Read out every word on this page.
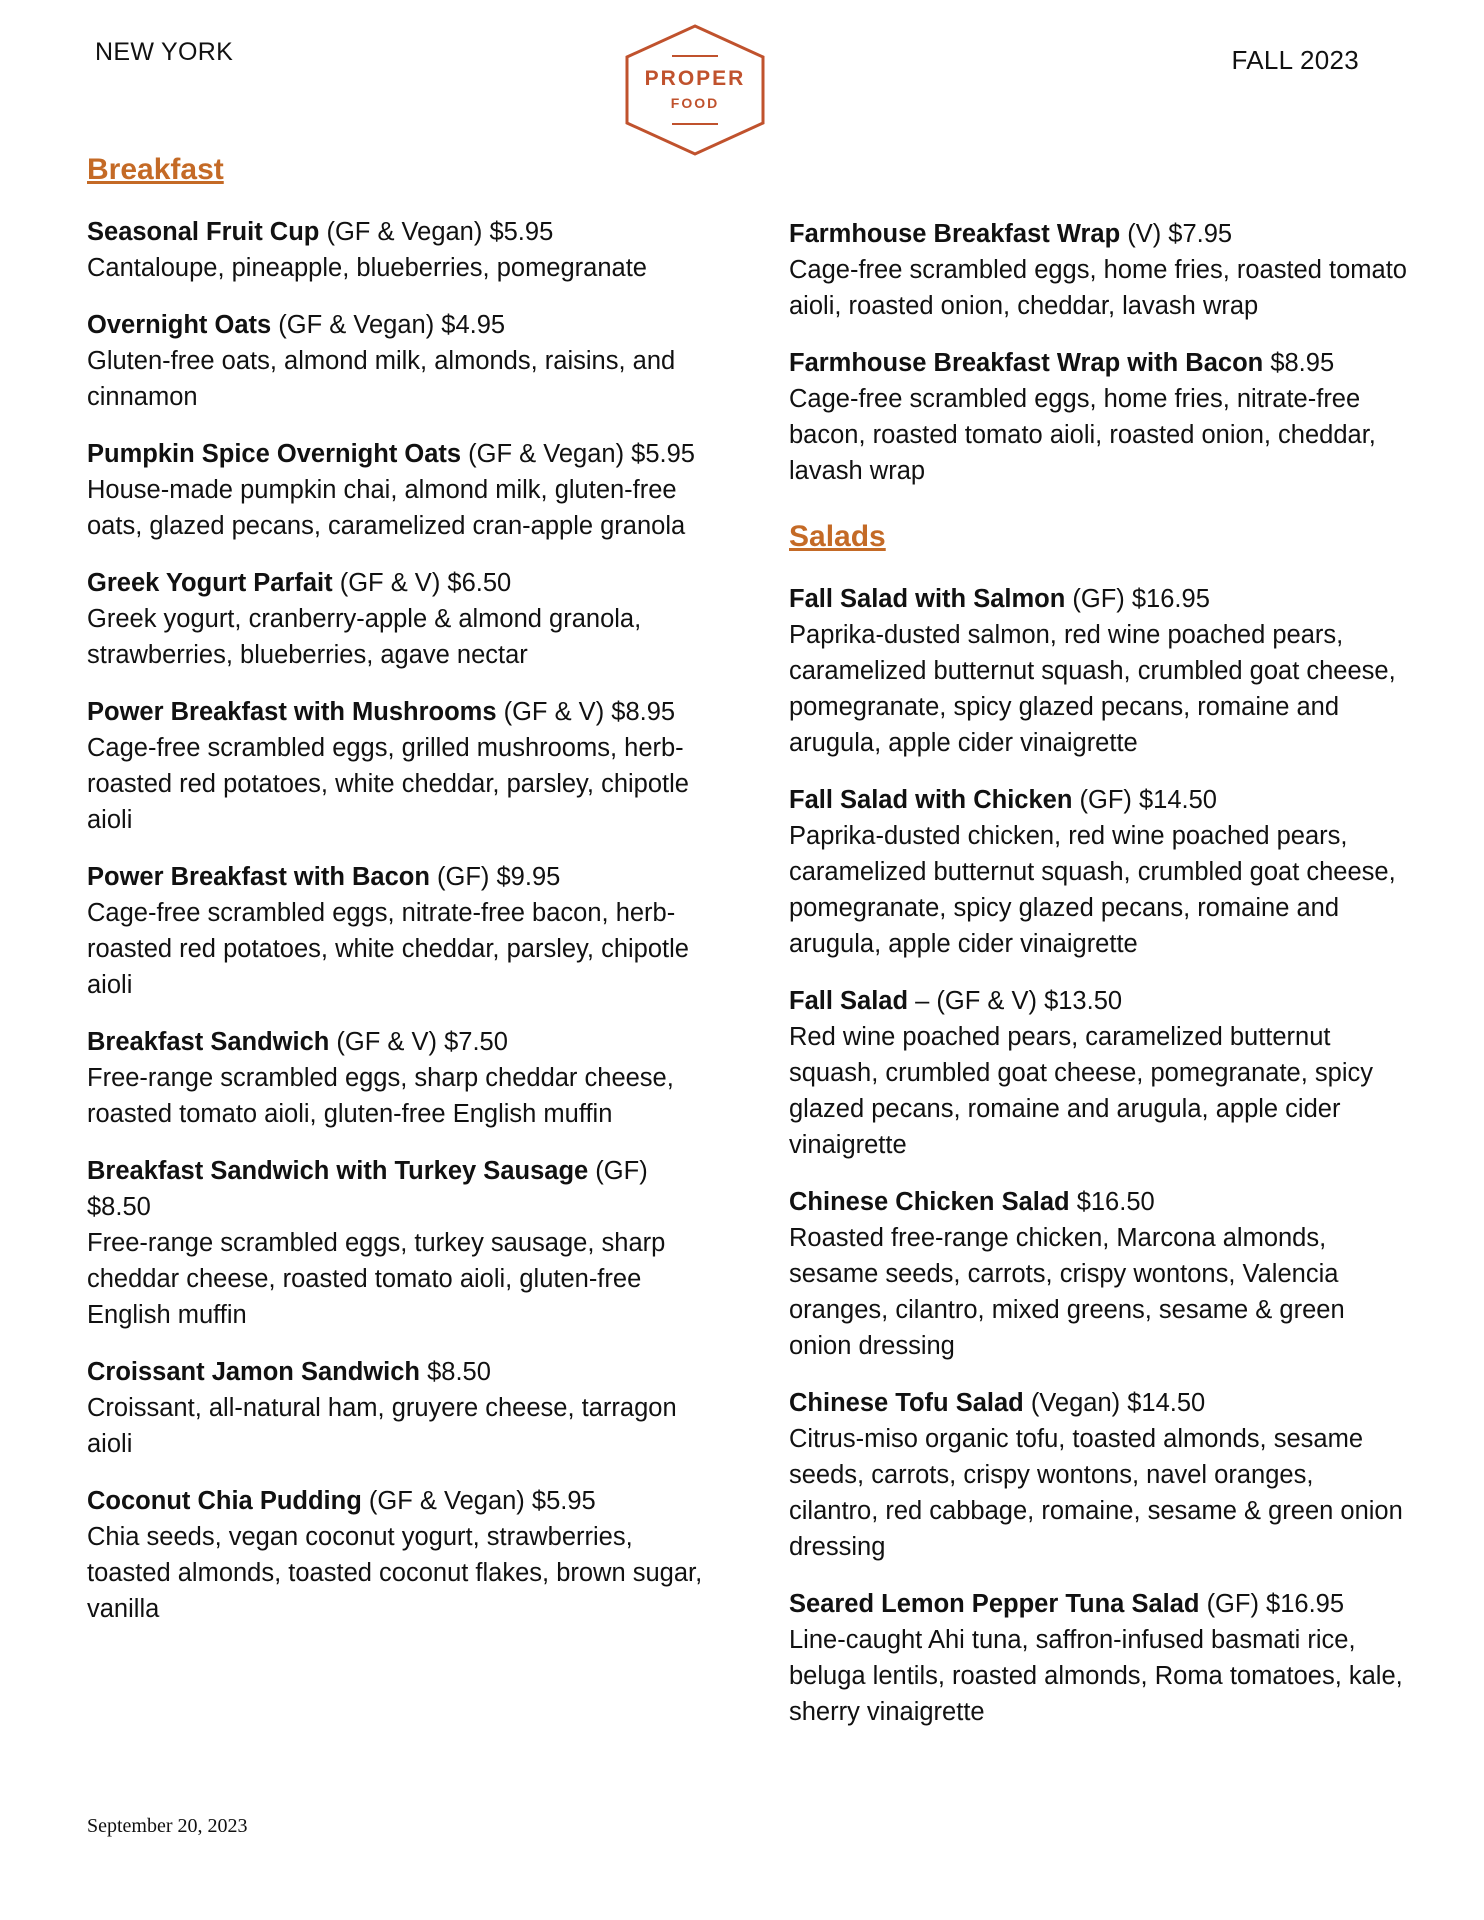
NEW YORK
PROPER
FOOD
FALL 2023
Breakfast
Seasonal Fruit Cup (GF & Vegan) $5.95
Cantaloupe, pineapple, blueberries, pomegranate
Overnight Oats (GF & Vegan) $4.95
Gluten-free oats, almond milk, almonds, raisins, and cinnamon
Pumpkin Spice Overnight Oats (GF & Vegan) $5.95
House-made pumpkin chai, almond milk, gluten-free oats, glazed pecans, caramelized cran-apple granola
Greek Yogurt Parfait (GF & V) $6.50
Greek yogurt, cranberry-apple & almond granola, strawberries, blueberries, agave nectar
Power Breakfast with Mushrooms (GF & V) $8.95
Cage-free scrambled eggs, grilled mushrooms, herb-roasted red potatoes, white cheddar, parsley, chipotle aioli
Power Breakfast with Bacon (GF) $9.95
Cage-free scrambled eggs, nitrate-free bacon, herb-roasted red potatoes, white cheddar, parsley, chipotle aioli
Breakfast Sandwich (GF & V) $7.50
Free-range scrambled eggs, sharp cheddar cheese, roasted tomato aioli, gluten-free English muffin
Breakfast Sandwich with Turkey Sausage (GF) $8.50
Free-range scrambled eggs, turkey sausage, sharp cheddar cheese, roasted tomato aioli, gluten-free English muffin
Croissant Jamon Sandwich $8.50
Croissant, all-natural ham, gruyere cheese, tarragon aioli
Coconut Chia Pudding (GF & Vegan) $5.95
Chia seeds, vegan coconut yogurt, strawberries, toasted almonds, toasted coconut flakes, brown sugar, vanilla
Farmhouse Breakfast Wrap (V) $7.95
Cage-free scrambled eggs, home fries, roasted tomato aioli, roasted onion, cheddar, lavash wrap
Farmhouse Breakfast Wrap with Bacon $8.95
Cage-free scrambled eggs, home fries, nitrate-free bacon, roasted tomato aioli, roasted onion, cheddar, lavash wrap
Salads
Fall Salad with Salmon (GF) $16.95
Paprika-dusted salmon, red wine poached pears, caramelized butternut squash, crumbled goat cheese, pomegranate, spicy glazed pecans, romaine and arugula, apple cider vinaigrette
Fall Salad with Chicken (GF) $14.50
Paprika-dusted chicken, red wine poached pears, caramelized butternut squash, crumbled goat cheese, pomegranate, spicy glazed pecans, romaine and arugula, apple cider vinaigrette
Fall Salad – (GF & V) $13.50
Red wine poached pears, caramelized butternut squash, crumbled goat cheese, pomegranate, spicy glazed pecans, romaine and arugula, apple cider vinaigrette
Chinese Chicken Salad $16.50
Roasted free-range chicken, Marcona almonds, sesame seeds, carrots, crispy wontons, Valencia oranges, cilantro, mixed greens, sesame & green onion dressing
Chinese Tofu Salad (Vegan) $14.50
Citrus-miso organic tofu, toasted almonds, sesame seeds, carrots, crispy wontons, navel oranges, cilantro, red cabbage, romaine, sesame & green onion dressing
Seared Lemon Pepper Tuna Salad (GF) $16.95
Line-caught Ahi tuna, saffron-infused basmati rice, beluga lentils, roasted almonds, Roma tomatoes, kale, sherry vinaigrette
September 20, 2023
